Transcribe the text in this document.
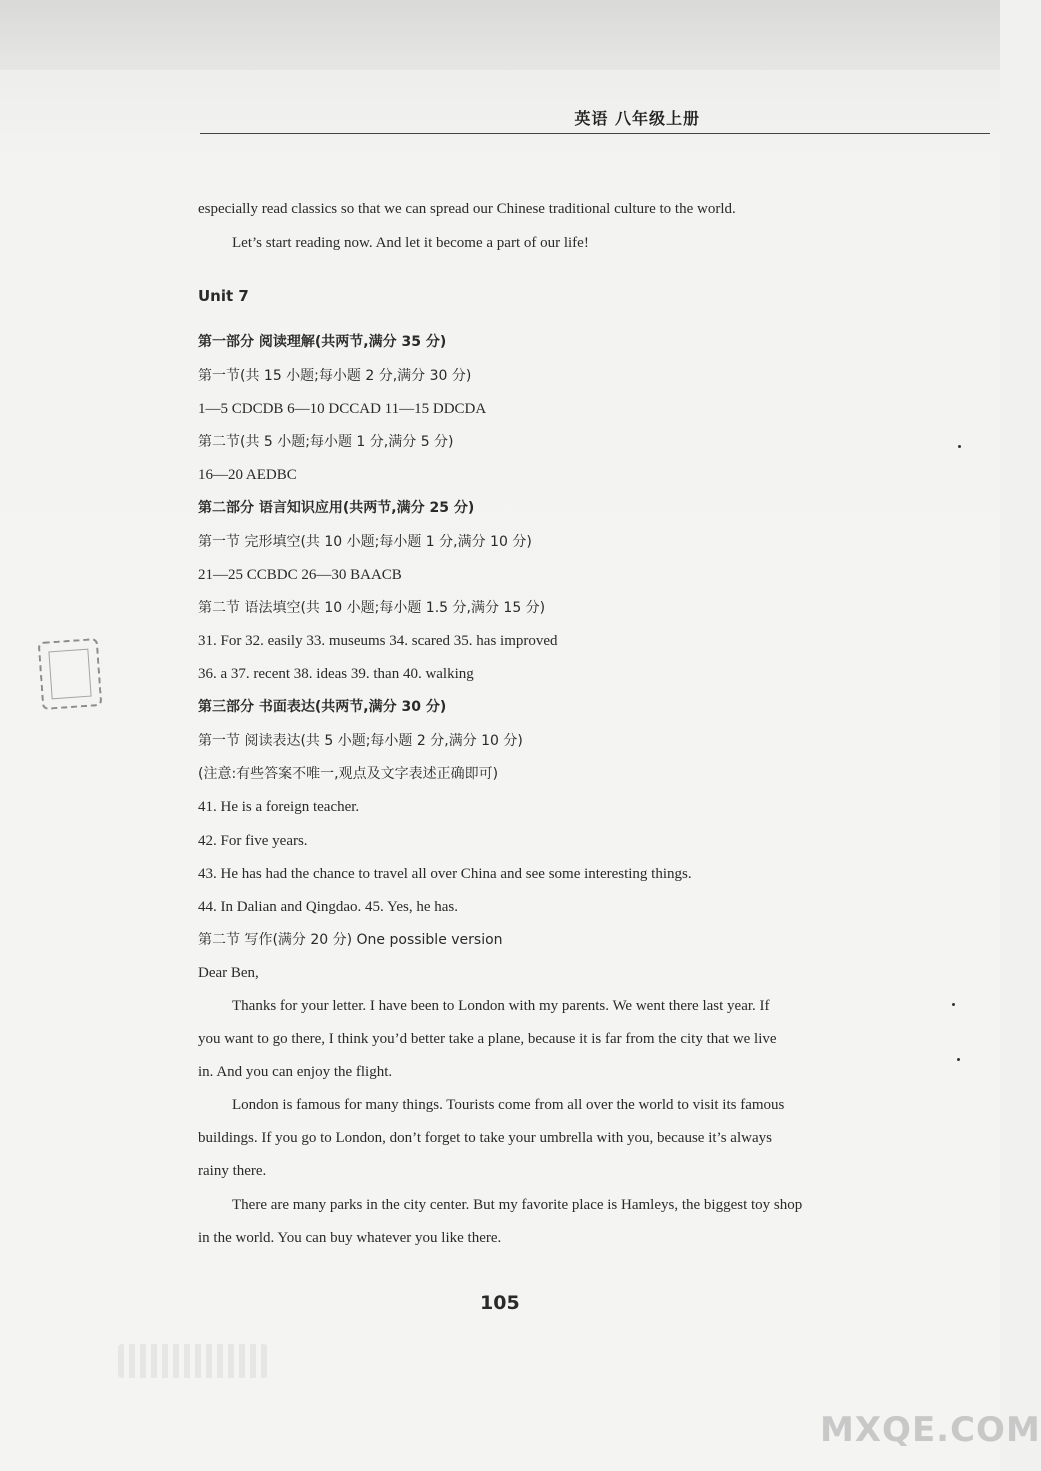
英语 八年级上册
especially read classics so that we can spread our Chinese traditional culture to the world.
Let’s start reading now. And let it become a part of our life!
Unit 7
第一部分 阅读理解(共两节,满分 35 分)
第一节(共 15 小题;每小题 2 分,满分 30 分)
1—5 CDCDB 6—10 DCCAD 11—15 DDCDA
第二节(共 5 小题;每小题 1 分,满分 5 分)
16—20 AEDBC
第二部分 语言知识应用(共两节,满分 25 分)
第一节 完形填空(共 10 小题;每小题 1 分,满分 10 分)
21—25 CCBDC 26—30 BAACB
第二节 语法填空(共 10 小题;每小题 1.5 分,满分 15 分)
31. For 32. easily 33. museums 34. scared 35. has improved
36. a 37. recent 38. ideas 39. than 40. walking
第三部分 书面表达(共两节,满分 30 分)
第一节 阅读表达(共 5 小题;每小题 2 分,满分 10 分)
(注意:有些答案不唯一,观点及文字表述正确即可)
41. He is a foreign teacher.
42. For five years.
43. He has had the chance to travel all over China and see some interesting things.
44. In Dalian and Qingdao. 45. Yes, he has.
第二节 写作(满分 20 分) One possible version
Dear Ben,
Thanks for your letter. I have been to London with my parents. We went there last year. If
you want to go there, I think you’d better take a plane, because it is far from the city that we live
in. And you can enjoy the flight.
London is famous for many things. Tourists come from all over the world to visit its famous
buildings. If you go to London, don’t forget to take your umbrella with you, because it’s always
rainy there.
There are many parks in the city center. But my favorite place is Hamleys, the biggest toy shop
in the world. You can buy whatever you like there.
105
MXQE.COM
